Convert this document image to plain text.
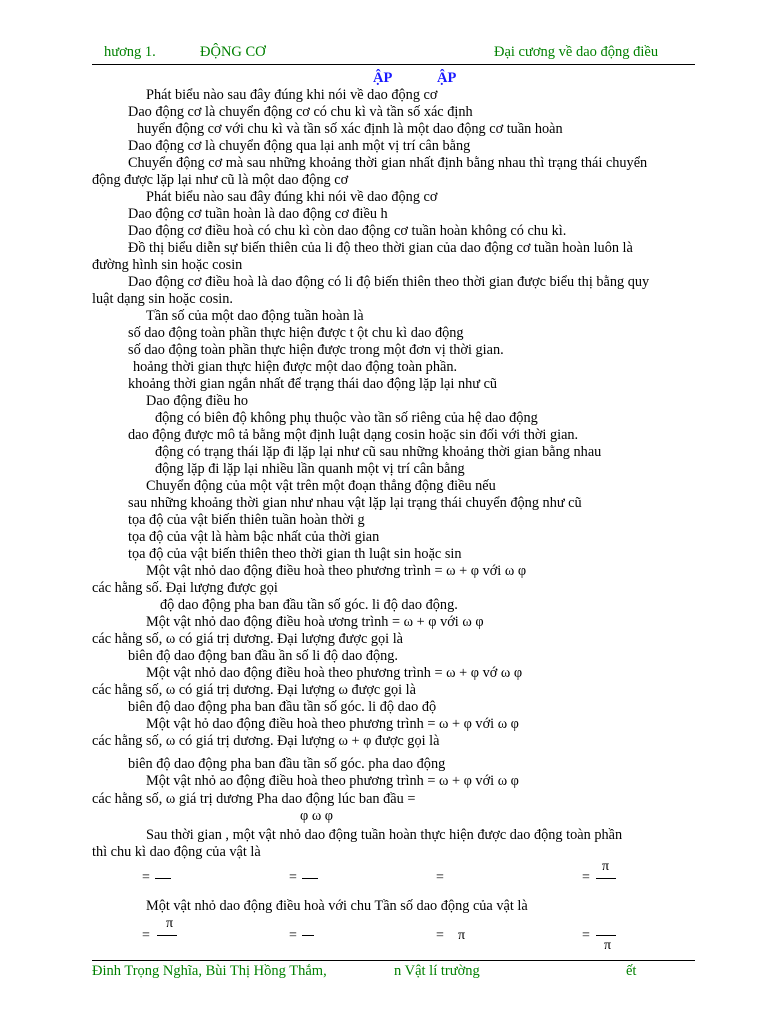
hương 1.	ĐỘNG CƠ	Đại cương về dao động điều
ẬP	ẬP
Phát biểu nào sau đây đúng khi nói về dao động cơ
Dao động cơ là chuyển động cơ có chu kì và tần số xác định
huyển động cơ với chu kì và tần số xác định là một dao động cơ tuần hoàn
Dao động cơ là chuyển động qua lại anh một vị trí cân bằng
Chuyển động cơ mà sau những khoảng thời gian nhất định bằng nhau thì trạng thái chuyển
động được lặp lại như cũ là một dao động cơ
Phát biểu nào sau đây đúng khi nói về dao động cơ
Dao động cơ tuần hoàn là dao động cơ điều h
Dao động cơ điều hoà có chu kì còn dao động cơ tuần hoàn không có chu kì.
Đồ thị biểu diễn sự biến thiên của li độ theo thời gian của dao động cơ tuần hoàn luôn là
đường hình sin hoặc cosin
Dao động cơ điều hoà là dao động có li độ biến thiên theo thời gian được biểu thị bằng quy
luật dạng sin hoặc cosin.
Tần số của một dao động tuần hoàn là
số dao động toàn phần thực hiện được t ột chu kì dao động
số dao động toàn phần thực hiện được trong một đơn vị thời gian.
hoảng thời gian thực hiện được một dao động toàn phần.
khoảng thời gian ngắn nhất để trạng thái dao động lặp lại như cũ
Dao động điều ho
động có biên độ không phụ thuộc vào tần số riêng của hệ dao động
dao động được mô tả bằng một định luật dạng cosin hoặc sin đối với thời gian.
động có trạng thái lặp đi lặp lại như cũ sau những khoảng thời gian bằng nhau
động lặp đi lặp lại nhiều lần quanh một vị trí cân bằng
Chuyển động của một vật trên một đoạn thẳng động điều nếu
sau những khoảng thời gian như nhau vật lặp lại trạng thái chuyển động như cũ
tọa độ của vật biến thiên tuần hoàn thời g
tọa độ của vật là hàm bậc nhất của thời gian
tọa độ của vật biến thiên theo thời gian th luật sin hoặc sin
Một vật nhỏ dao động điều hoà theo phương trình = ω + φ với ω φ
các hằng số. Đại lượng được gọi
độ dao động pha ban đầu tần số góc. li độ dao động.
Một vật nhỏ dao động điều hoà ương trình = ω + φ với ω φ
các hằng số, ω có giá trị dương. Đại lượng được gọi là
biên độ dao động ban đầu ần số li độ dao động.
Một vật nhỏ dao động điều hoà theo phương trình = ω + φ vớ ω φ
các hằng số, ω có giá trị dương. Đại lượng ω được gọi là
biên độ dao động pha ban đầu tần số góc. li độ dao độ
Một vật hỏ dao động điều hoà theo phương trình = ω + φ với ω φ
các hằng số, ω có giá trị dương. Đại lượng ω + φ được gọi là
biên độ dao động pha ban đầu tần số góc. pha dao động
Một vật nhỏ ao động điều hoà theo phương trình = ω + φ với ω φ
các hằng số, ω giá trị dương Pha dao động lúc ban đầu =
φ ω φ
Sau thời gian , một vật nhỏ dao động tuần hoàn thực hiện được dao động toàn phần
thì chu kì dao động của vật là
=	=	=	=
π
Một vật nhỏ dao động điều hoà với chu Tần số dao động của vật là
π
=	=	= π	=
π
Đinh Trọng Nghĩa, Bùi Thị Hồng Thắm,	n Vật lí trường	ết
